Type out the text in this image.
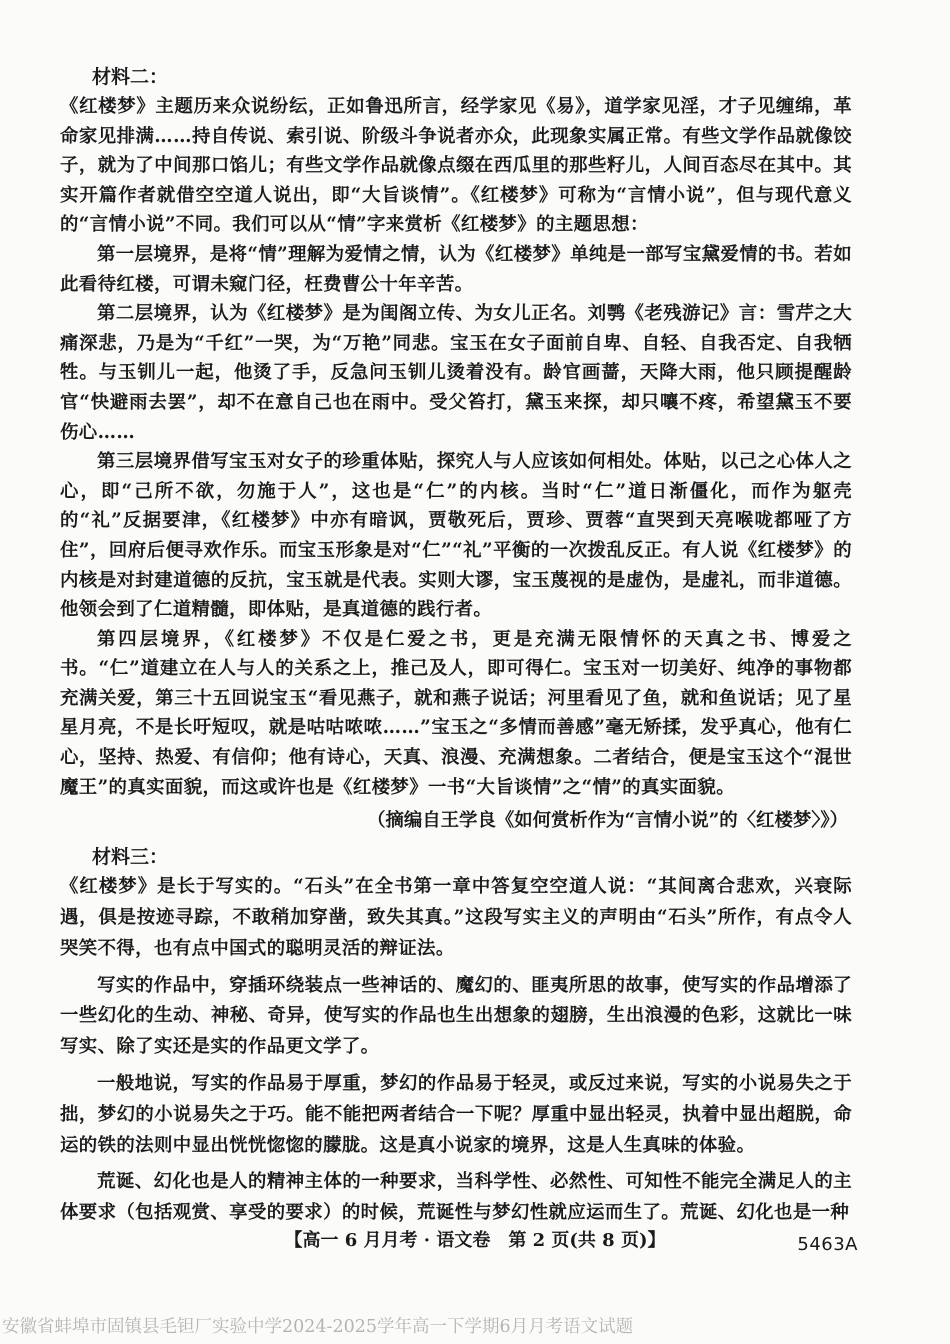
材料二：

《红楼梦》主题历来众说纷纭，正如鲁迅所言，经学家见《易》，道学家见淫，才子见缠绵，革命家见排满……持自传说、索引说、阶级斗争说者亦众，此现象实属正常。有些文学作品就像饺子，就为了中间那口馅儿；有些文学作品就像点缀在西瓜里的那些籽儿，人间百态尽在其中。其实开篇作者就借空空道人说出，即“大旨谈情”。《红楼梦》可称为“言情小说”，但与现代意义的“言情小说”不同。我们可以从“情”字来赏析《红楼梦》的主题思想：

第一层境界，是将“情”理解为爱情之情，认为《红楼梦》单纯是一部写宝黛爱情的书。若如此看待红楼，可谓未窥门径，枉费曹公十年辛苦。

第二层境界，认为《红楼梦》是为闺阁立传、为女儿正名。刘鹗《老残游记》言：雪芹之大痛深悲，乃是为“千红”一哭，为“万艳”同悲。宝玉在女子面前自卑、自轻、自我否定、自我牺牲。与玉钏儿一起，他烫了手，反急问玉钏儿烫着没有。龄官画蔷，天降大雨，他只顾提醒龄官“快避雨去罢”，却不在意自己也在雨中。受父笞打，黛玉来探，却只嚷不疼，希望黛玉不要伤心……

第三层境界借写宝玉对女子的珍重体贴，探究人与人应该如何相处。体贴，以己之心体人之心，即“己所不欲，勿施于人”，这也是“仁”的内核。当时“仁”道日渐僵化，而作为躯壳的“礼”反据要津，《红楼梦》中亦有暗讽，贾敬死后，贾珍、贾蓉“直哭到天亮喉咙都哑了方住”，回府后便寻欢作乐。而宝玉形象是对“仁”“礼”平衡的一次拨乱反正。有人说《红楼梦》的内核是对封建道德的反抗，宝玉就是代表。实则大谬，宝玉蔑视的是虚伪，是虚礼，而非道德。他领会到了仁道精髓，即体贴，是真道德的践行者。

第四层境界，《红楼梦》不仅是仁爱之书，更是充满无限情怀的天真之书、博爱之书。“仁”道建立在人与人的关系之上，推己及人，即可得仁。宝玉对一切美好、纯净的事物都充满关爱，第三十五回说宝玉“看见燕子，就和燕子说话；河里看见了鱼，就和鱼说话；见了星星月亮，不是长吁短叹，就是咕咕哝哝……”宝玉之“多情而善感”毫无矫揉，发乎真心，他有仁心，坚持、热爱、有信仰；他有诗心，天真、浪漫、充满想象。二者结合，便是宝玉这个“混世魔王”的真实面貌，而这或许也是《红楼梦》一书“大旨谈情”之“情”的真实面貌。

（摘编自王学良《如何赏析作为“言情小说”的〈红楼梦〉》）
材料三：

《红楼梦》是长于写实的。“石头”在全书第一章中答复空空道人说：“其间离合悲欢，兴衰际遇，俱是按迹寻踪，不敢稍加穿凿，致失其真。”这段写实主义的声明由“石头”所作，有点令人哭笑不得，也有点中国式的聪明灵活的辩证法。

写实的作品中，穿插环绕装点一些神话的、魔幻的、匪夷所思的故事，使写实的作品增添了一些幻化的生动、神秘、奇异，使写实的作品也生出想象的翅膀，生出浪漫的色彩，这就比一味写实、除了实还是实的作品更文学了。

一般地说，写实的作品易于厚重，梦幻的作品易于轻灵，或反过来说，写实的小说易失之于拙，梦幻的小说易失之于巧。能不能把两者结合一下呢？厚重中显出轻灵，执着中显出超脱，命运的铁的法则中显出恍恍惚惚的朦胧。这是真小说家的境界，这是人生真味的体验。

荒诞、幻化也是人的精神主体的一种要求，当科学性、必然性、可知性不能完全满足人的主体要求（包括观赏、享受的要求）的时候，荒诞性与梦幻性就应运而生了。荒诞、幻化也是一种

【高一 6 月月考 · 语文卷　第 2 页(共 8 页)】	5463A
安徽省蚌埠市固镇县毛钽厂实验中学2024-2025学年高一下学期6月月考语文试题
